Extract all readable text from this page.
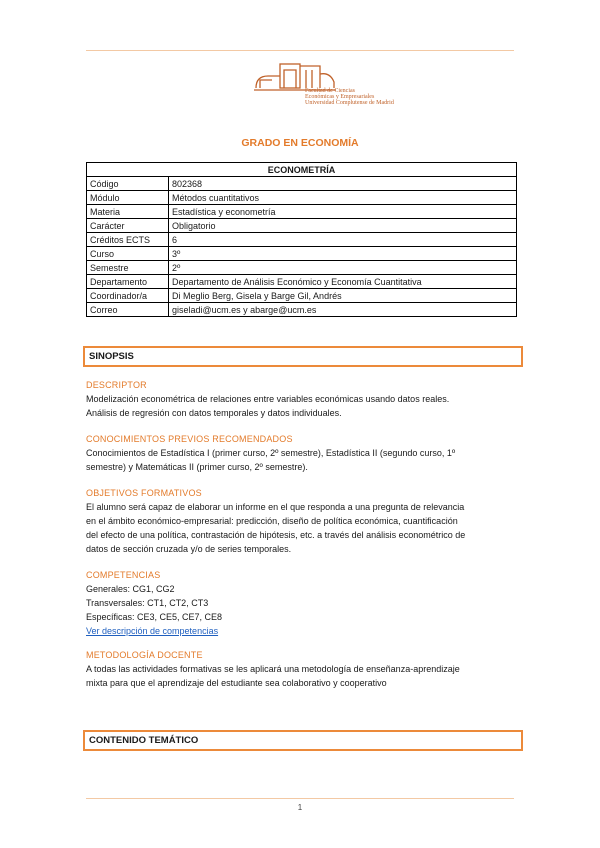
Facultad de Ciencias
Económicas y Empresariales
Universidad Complutense de Madrid
GRADO EN ECONOMÍA
ECONOMETRÍA	
Código	802368
Módulo	Métodos cuantitativos
Materia	Estadística y econometría
Carácter	Obligatorio
Créditos ECTS	6
Curso	3º
Semestre	2º
Departamento	Departamento de Análisis Económico y Economía Cuantitativa
Coordinador/a	Di Meglio Berg, Gisela y Barge Gil, Andrés
Correo	giseladi@ucm.es y abarge@ucm.es
SINOPSIS
DESCRIPTOR
Modelización econométrica de relaciones entre variables económicas usando datos reales.
Análisis de regresión con datos temporales y datos individuales.
CONOCIMIENTOS PREVIOS RECOMENDADOS
Conocimientos de Estadística I (primer curso, 2º semestre), Estadística II (segundo curso, 1º
semestre) y Matemáticas II (primer curso, 2º semestre).
OBJETIVOS FORMATIVOS
El alumno será capaz de elaborar un informe en el que responda a una pregunta de relevancia
en el ámbito económico-empresarial: predicción, diseño de política económica, cuantificación
del efecto de una política, contrastación de hipótesis, etc. a través del análisis econométrico de
datos de sección cruzada y/o de series temporales.
COMPETENCIAS
Generales: CG1, CG2
Transversales: CT1, CT2, CT3
Específicas: CE3, CE5, CE7, CE8
Ver descripción de competencias
METODOLOGÍA DOCENTE
A todas las actividades formativas se les aplicará una metodología de enseñanza-aprendizaje
mixta para que el aprendizaje del estudiante sea colaborativo y cooperativo
CONTENIDO TEMÁTICO
1
